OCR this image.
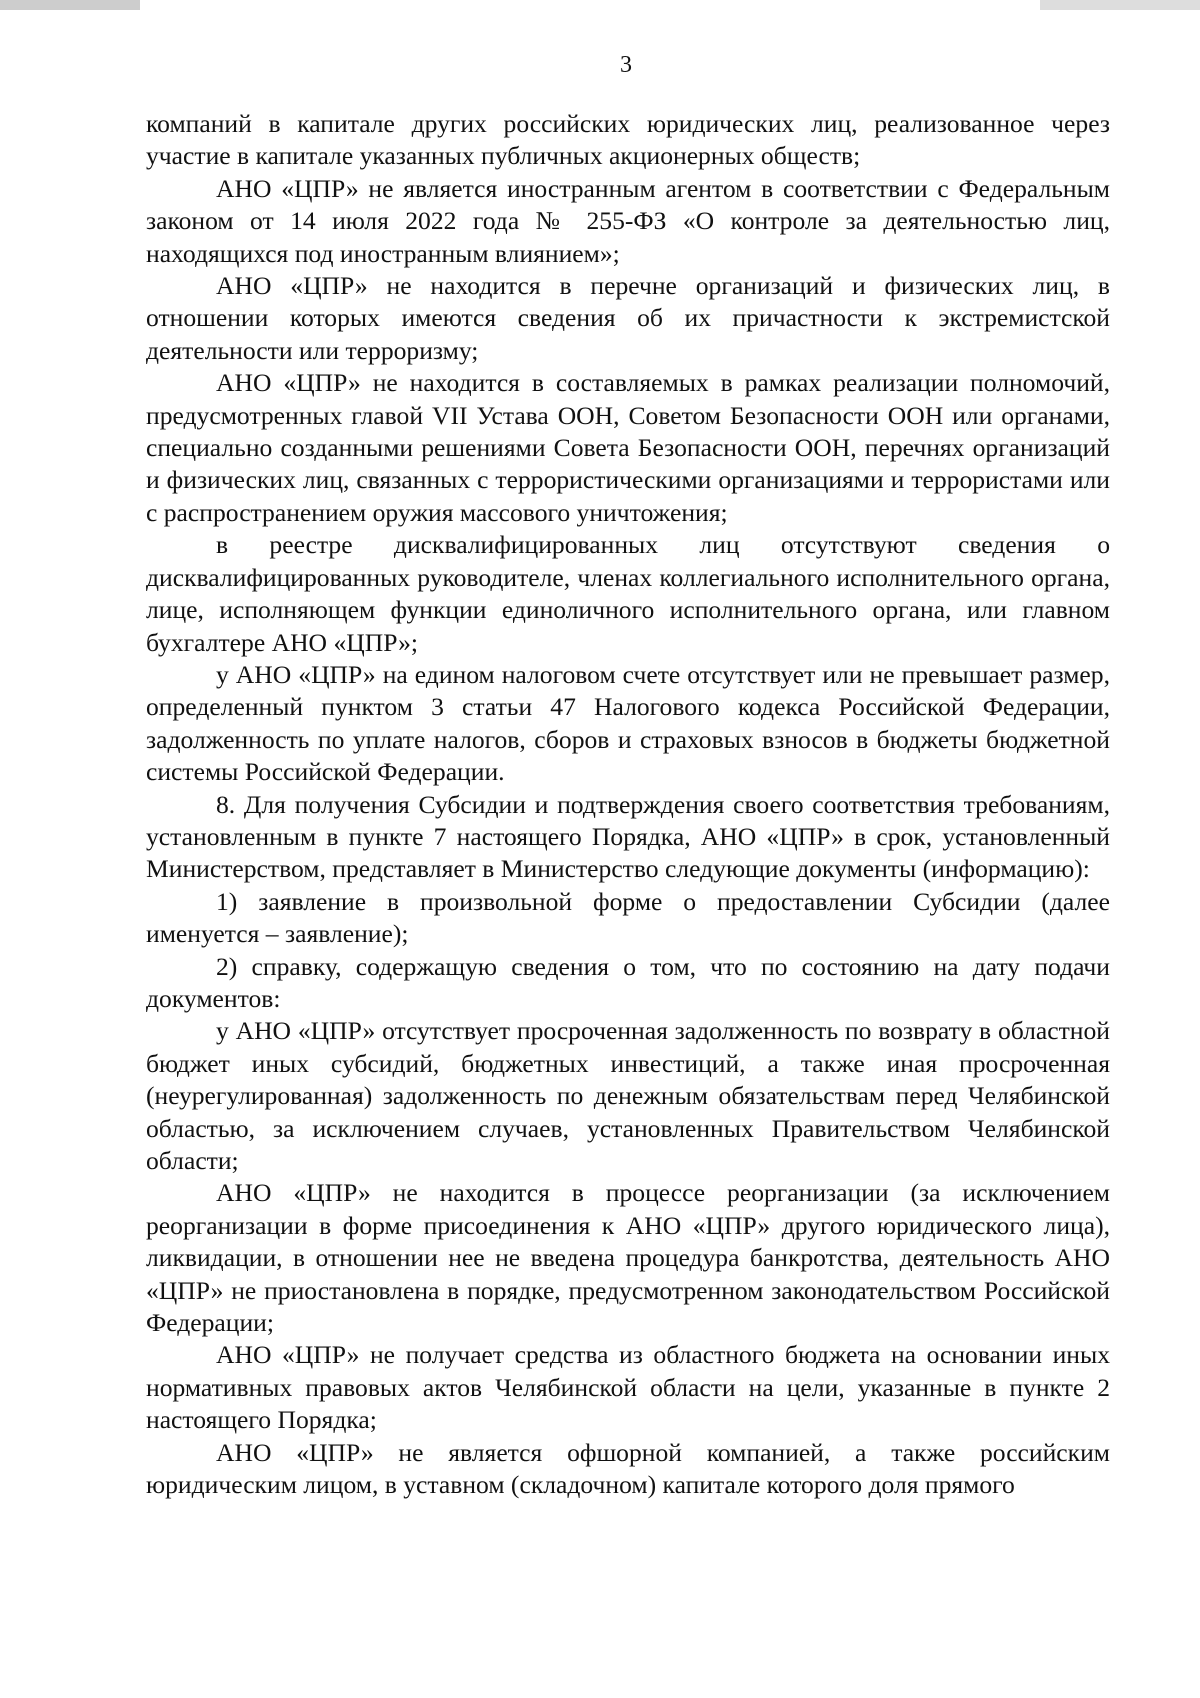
3

компаний в капитале других российских юридических лиц, реализованное через участие в капитале указанных публичных акционерных обществ;

АНО «ЦПР» не является иностранным агентом в соответствии с Федеральным законом от 14 июля 2022 года № 255-ФЗ «О контроле за деятельностью лиц, находящихся под иностранным влиянием»;

АНО «ЦПР» не находится в перечне организаций и физических лиц, в отношении которых имеются сведения об их причастности к экстремистской деятельности или терроризму;

АНО «ЦПР» не находится в составляемых в рамках реализации полномочий, предусмотренных главой VII Устава ООН, Советом Безопасности ООН или органами, специально созданными решениями Совета Безопасности ООН, перечнях организаций и физических лиц, связанных с террористическими организациями и террористами или с распространением оружия массового уничтожения;

в реестре дисквалифицированных лиц отсутствуют сведения о дисквалифицированных руководителе, членах коллегиального исполнительного органа, лице, исполняющем функции единоличного исполнительного органа, или главном бухгалтере АНО «ЦПР»;

у АНО «ЦПР» на едином налоговом счете отсутствует или не превышает размер, определенный пунктом 3 статьи 47 Налогового кодекса Российской Федерации, задолженность по уплате налогов, сборов и страховых взносов в бюджеты бюджетной системы Российской Федерации.

8. Для получения Субсидии и подтверждения своего соответствия требованиям, установленным в пункте 7 настоящего Порядка, АНО «ЦПР» в срок, установленный Министерством, представляет в Министерство следующие документы (информацию):

1) заявление в произвольной форме о предоставлении Субсидии (далее именуется – заявление);

2) справку, содержащую сведения о том, что по состоянию на дату подачи документов:

у АНО «ЦПР» отсутствует просроченная задолженность по возврату в областной бюджет иных субсидий, бюджетных инвестиций, а также иная просроченная (неурегулированная) задолженность по денежным обязательствам перед Челябинской областью, за исключением случаев, установленных Правительством Челябинской области;

АНО «ЦПР» не находится в процессе реорганизации (за исключением реорганизации в форме присоединения к АНО «ЦПР» другого юридического лица), ликвидации, в отношении нее не введена процедура банкротства, деятельность АНО «ЦПР» не приостановлена в порядке, предусмотренном законодательством Российской Федерации;

АНО «ЦПР» не получает средства из областного бюджета на основании иных нормативных правовых актов Челябинской области на цели, указанные в пункте 2 настоящего Порядка;

АНО «ЦПР» не является офшорной компанией, а также российским юридическим лицом, в уставном (складочном) капитале которого доля прямого
